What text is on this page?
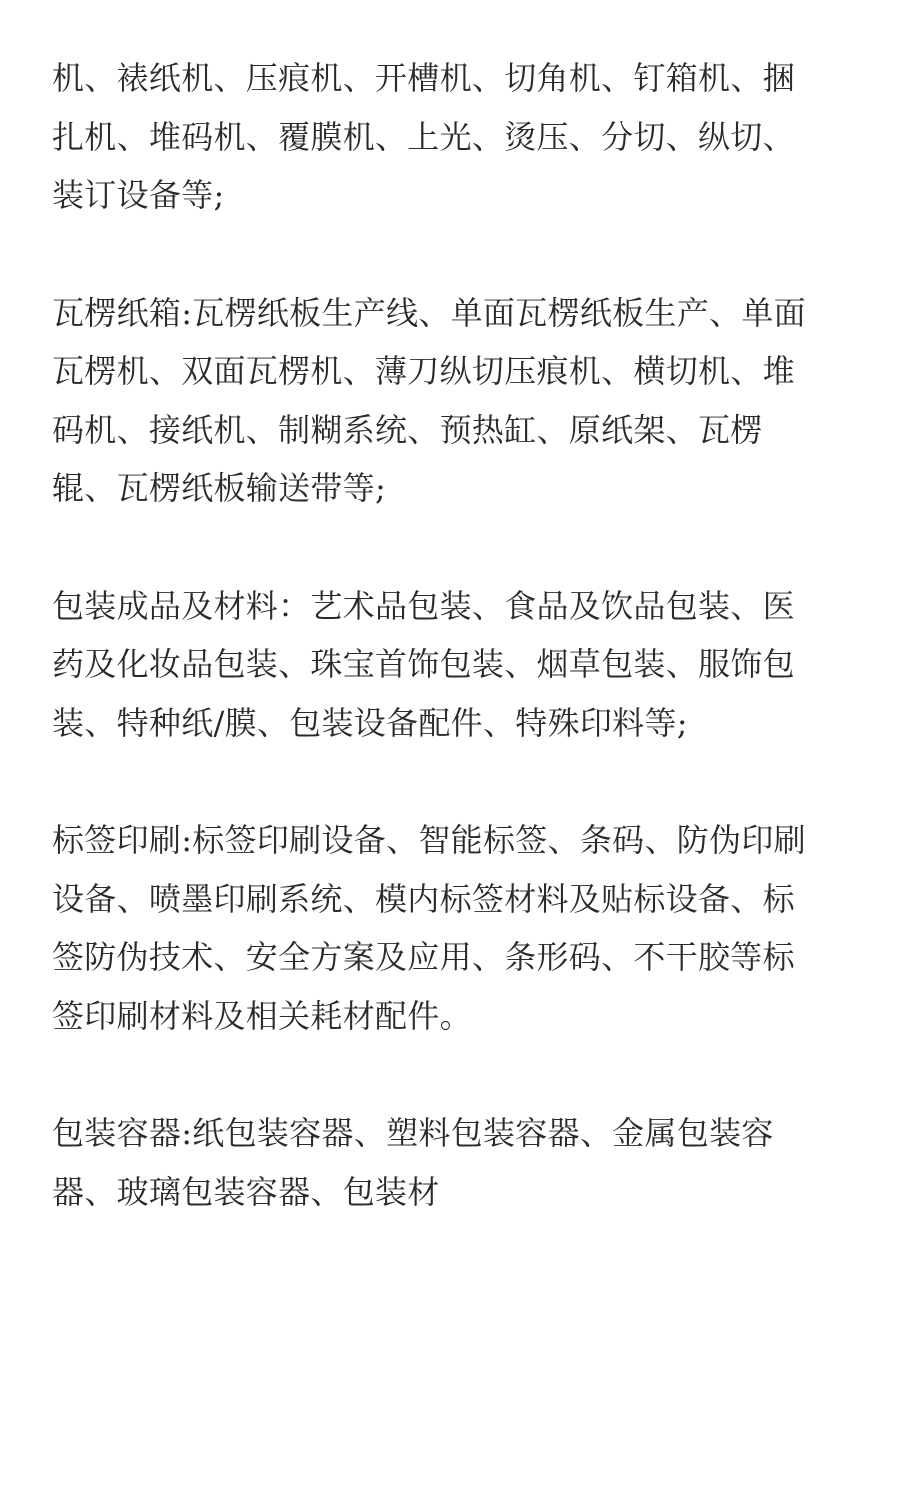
机、裱纸机、压痕机、开槽机、切角机、钉箱机、捆
扎机、堆码机、覆膜机、上光、烫压、分切、纵切、
装订设备等;

瓦楞纸箱:瓦楞纸板生产线、单面瓦楞纸板生产、单面
瓦楞机、双面瓦楞机、薄刀纵切压痕机、横切机、堆
码机、接纸机、制糊系统、预热缸、原纸架、瓦楞
辊、瓦楞纸板输送带等;

包装成品及材料：艺术品包装、食品及饮品包装、医
药及化妆品包装、珠宝首饰包装、烟草包装、服饰包
装、特种纸/膜、包装设备配件、特殊印料等;

标签印刷:标签印刷设备、智能标签、条码、防伪印刷
设备、喷墨印刷系统、模内标签材料及贴标设备、标
签防伪技术、安全方案及应用、条形码、不干胶等标
签印刷材料及相关耗材配件。

包装容器:纸包装容器、塑料包装容器、金属包装容
器、玻璃包装容器、包装材
